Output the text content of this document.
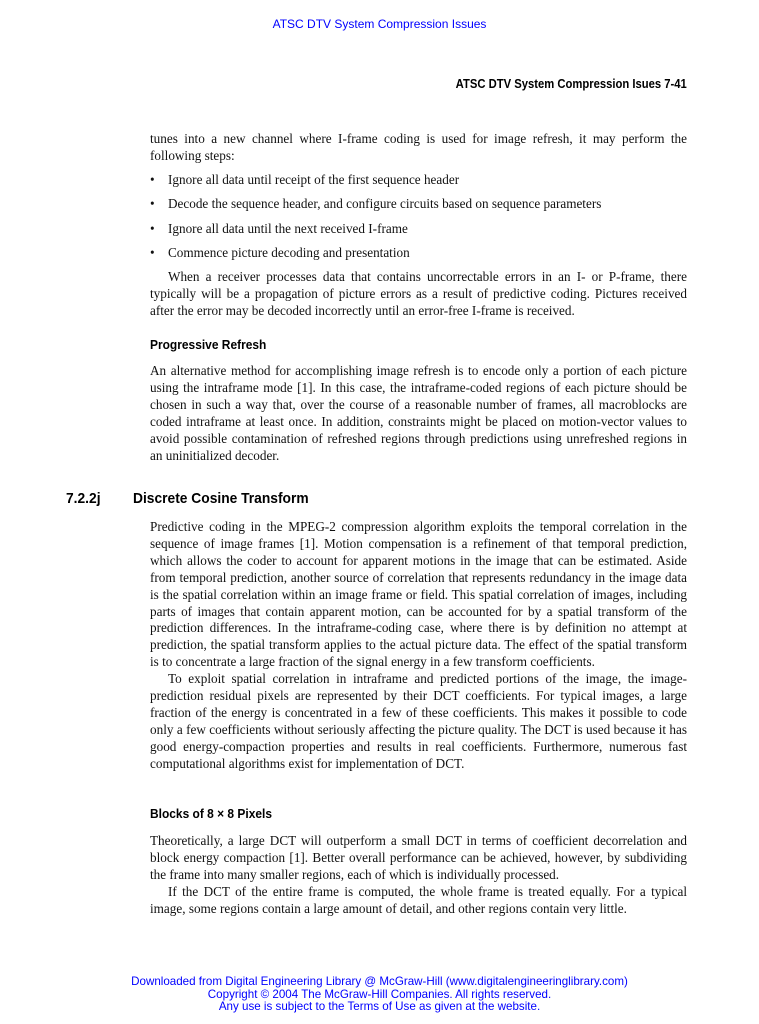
ATSC DTV System Compression Issues
ATSC DTV System Compression Isues 7-41

tunes into a new channel where I-frame coding is used for image refresh, it may perform the following steps:

• Ignore all data until receipt of the first sequence header
• Decode the sequence header, and configure circuits based on sequence parameters
• Ignore all data until the next received I-frame
• Commence picture decoding and presentation

When a receiver processes data that contains uncorrectable errors in an I- or P-frame, there typically will be a propagation of picture errors as a result of predictive coding. Pictures received after the error may be decoded incorrectly until an error-free I-frame is received.

Progressive Refresh

An alternative method for accomplishing image refresh is to encode only a portion of each picture using the intraframe mode [1]. In this case, the intraframe-coded regions of each picture should be chosen in such a way that, over the course of a reasonable number of frames, all macroblocks are coded intraframe at least once. In addition, constraints might be placed on motion-vector values to avoid possible contamination of refreshed regions through predictions using unrefreshed regions in an uninitialized decoder.

7.2.2j Discrete Cosine Transform

Predictive coding in the MPEG-2 compression algorithm exploits the temporal correlation in the sequence of image frames [1]. Motion compensation is a refinement of that temporal prediction, which allows the coder to account for apparent motions in the image that can be estimated. Aside from temporal prediction, another source of correlation that represents redundancy in the image data is the spatial correlation within an image frame or field. This spatial correlation of images, including parts of images that contain apparent motion, can be accounted for by a spatial transform of the prediction differences. In the intraframe-coding case, where there is by definition no attempt at prediction, the spatial transform applies to the actual picture data. The effect of the spatial transform is to concentrate a large fraction of the signal energy in a few transform coefficients.

To exploit spatial correlation in intraframe and predicted portions of the image, the image-prediction residual pixels are represented by their DCT coefficients. For typical images, a large fraction of the energy is concentrated in a few of these coefficients. This makes it possible to code only a few coefficients without seriously affecting the picture quality. The DCT is used because it has good energy-compaction properties and results in real coefficients. Furthermore, numerous fast computational algorithms exist for implementation of DCT.

Blocks of 8 × 8 Pixels

Theoretically, a large DCT will outperform a small DCT in terms of coefficient decorrelation and block energy compaction [1]. Better overall performance can be achieved, however, by subdividing the frame into many smaller regions, each of which is individually processed.

If the DCT of the entire frame is computed, the whole frame is treated equally. For a typical image, some regions contain a large amount of detail, and other regions contain very little.

Downloaded from Digital Engineering Library @ McGraw-Hill (www.digitalengineeringlibrary.com)
Copyright © 2004 The McGraw-Hill Companies. All rights reserved.
Any use is subject to the Terms of Use as given at the website.
